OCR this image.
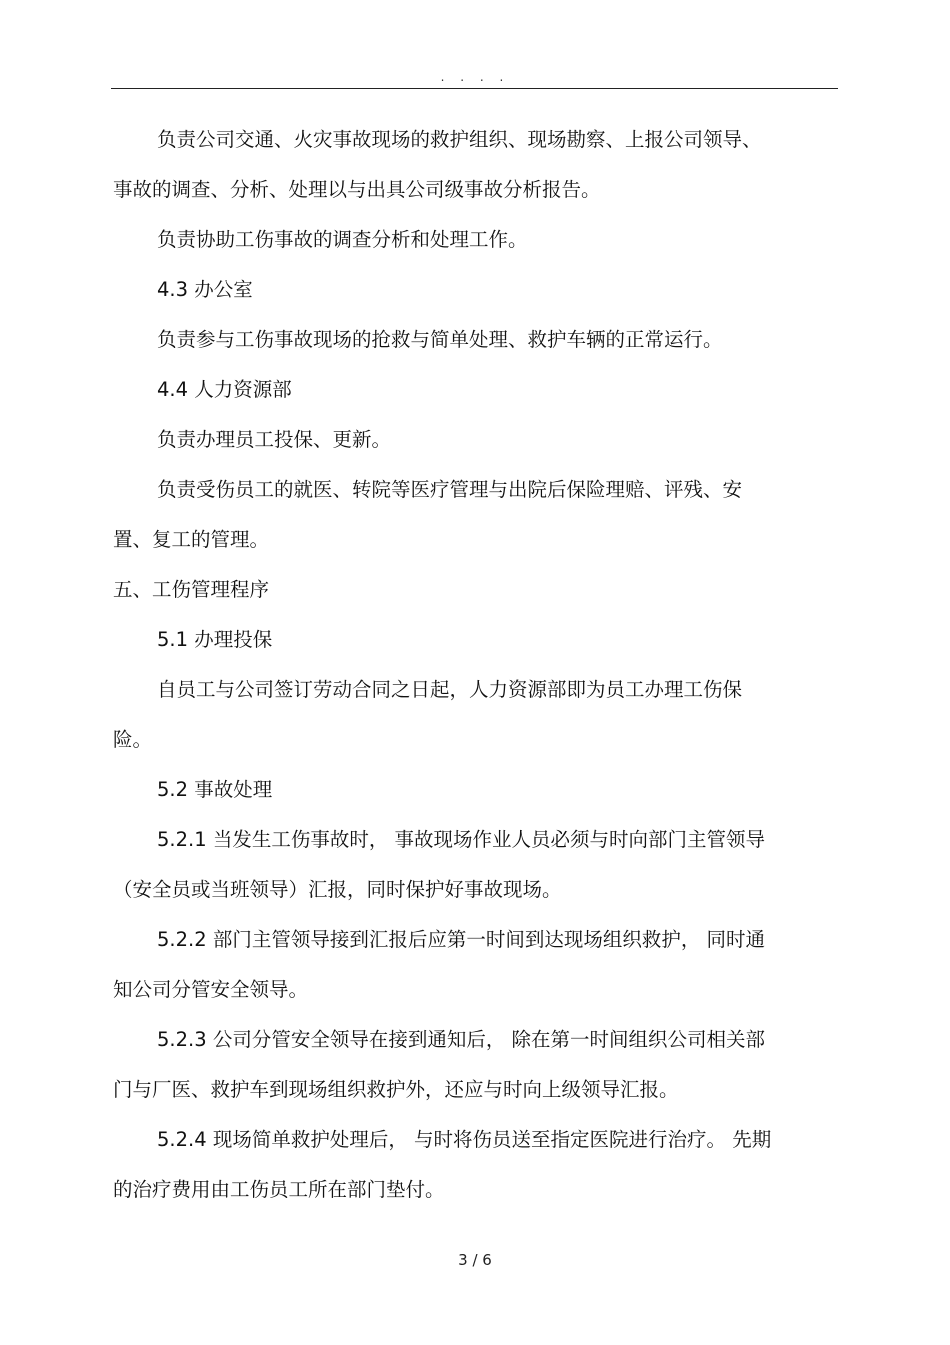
. . . .
负责公司交通、火灾事故现场的救护组织、现场勘察、上报公司领导、
事故的调查、分析、处理以与出具公司级事故分析报告。
负责协助工伤事故的调查分析和处理工作。
4.3 办公室
负责参与工伤事故现场的抢救与简单处理、救护车辆的正常运行。
4.4 人力资源部
负责办理员工投保、更新。
负责受伤员工的就医、转院等医疗管理与出院后保险理赔、评残、安
置、复工的管理。
五、工伤管理程序
5.1 办理投保
自员工与公司签订劳动合同之日起，人力资源部即为员工办理工伤保
险。
5.2 事故处理
5.2.1 当发生工伤事故时， 事故现场作业人员必须与时向部门主管领导
（安全员或当班领导）汇报，同时保护好事故现场。
5.2.2 部门主管领导接到汇报后应第一时间到达现场组织救护， 同时通
知公司分管安全领导。
5.2.3 公司分管安全领导在接到通知后， 除在第一时间组织公司相关部
门与厂医、救护车到现场组织救护外，还应与时向上级领导汇报。
5.2.4 现场简单救护处理后， 与时将伤员送至指定医院进行治疗。 先期
的治疗费用由工伤员工所在部门垫付。
3 / 6
